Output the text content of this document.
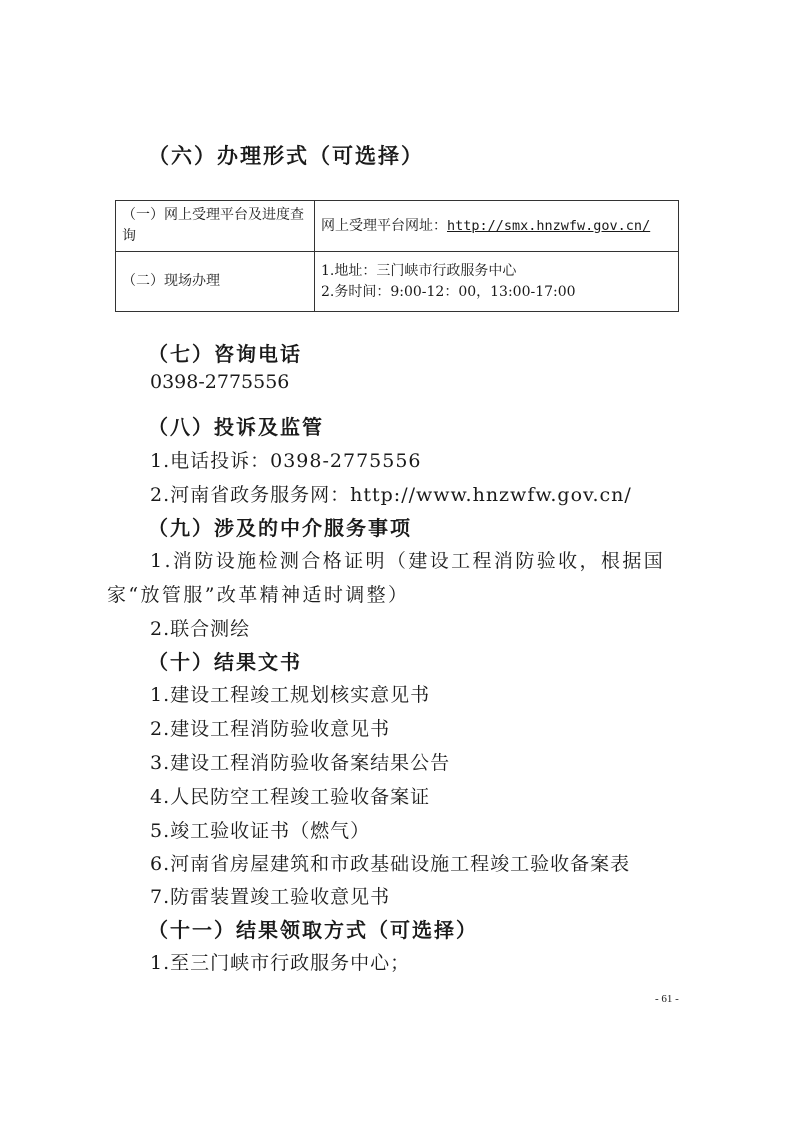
（六）办理形式（可选择）
（一）网上受理平台及进度查询	网上受理平台网址：http://smx.hnzwfw.gov.cn/
（二）现场办理	1.地址：三门峡市行政服务中心
2.务时间：9:00-12：00，13:00-17:00
（七）咨询电话
0398-2775556
（八）投诉及监管
1.电话投诉：0398-2775556
2.河南省政务服务网：http://www.hnzwfw.gov.cn/
（九）涉及的中介服务事项
1.消防设施检测合格证明（建设工程消防验收，根据国
家“放管服”改革精神适时调整）
2.联合测绘
（十）结果文书
1.建设工程竣工规划核实意见书
2.建设工程消防验收意见书
3.建设工程消防验收备案结果公告
4.人民防空工程竣工验收备案证
5.竣工验收证书（燃气）
6.河南省房屋建筑和市政基础设施工程竣工验收备案表
7.防雷装置竣工验收意见书
（十一）结果领取方式（可选择）
1.至三门峡市行政服务中心；
- 61 -
